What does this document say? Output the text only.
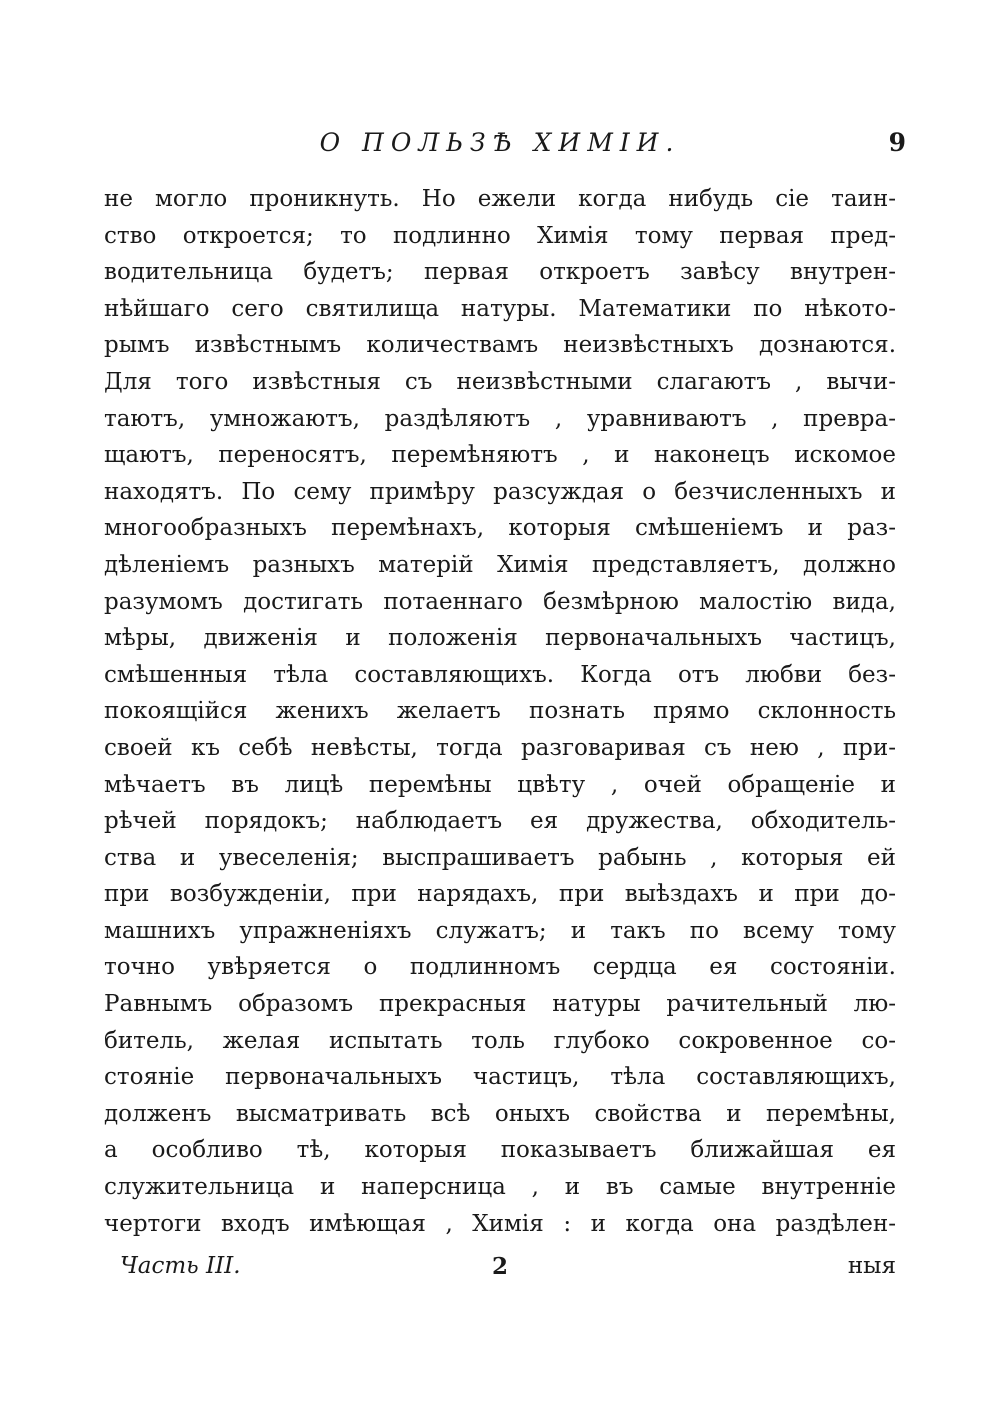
О ПОЛЬЗѢ ХИМІИ.	9
не могло проникнуть. Но ежели когда нибудь сіе таин-
ство откроется; то подлинно Химія тому первая пред-
водительница будетъ; первая откроетъ завѣсу внутрен-
нѣйшаго сего святилища натуры. Математики по нѣкото-
рымъ извѣстнымъ количествамъ неизвѣстныхъ дознаются.
Для того извѣстныя съ неизвѣстными слагаютъ , вычи-
таютъ, умножаютъ, раздѣляютъ , уравниваютъ , превра-
щаютъ, переносятъ, перемѣняютъ , и наконецъ искомое
находятъ. По сему примѣру разсуждая о безчисленныхъ и
многообразныхъ перемѣнахъ, которыя смѣшеніемъ и раз-
дѣленіемъ разныхъ матерій Химія представляетъ, должно
разумомъ достигать потаеннаго безмѣрною малостію вида,
мѣры, движенія и положенія первоначальныхъ частицъ,
смѣшенныя тѣла составляющихъ. Когда отъ любви без-
покоящійся женихъ желаетъ познать прямо склонность
своей къ себѣ невѣсты, тогда разговаривая съ нею , при-
мѣчаетъ въ лицѣ перемѣны цвѣту , очей обращеніе и
рѣчей порядокъ; наблюдаетъ ея дружества, обходитель-
ства и увеселенія; выспрашиваетъ рабынь , которыя ей
при возбужденіи, при нарядахъ, при выѣздахъ и при до-
машнихъ упражненіяхъ служатъ; и такъ по всему тому
точно увѣряется о подлинномъ сердца ея состояніи.
Равнымъ образомъ прекрасныя натуры рачительный лю-
битель, желая испытать толь глубоко сокровенное со-
стояніе первоначальныхъ частицъ, тѣла составляющихъ,
долженъ высматривать всѣ оныхъ свойства и перемѣны,
а особливо тѣ, которыя показываетъ ближайшая ея
служительница и наперсница , и въ самые внутренніе
чертоги входъ имѣющая , Химія : и когда она раздѣлен-
Часть III.	2	ныя
